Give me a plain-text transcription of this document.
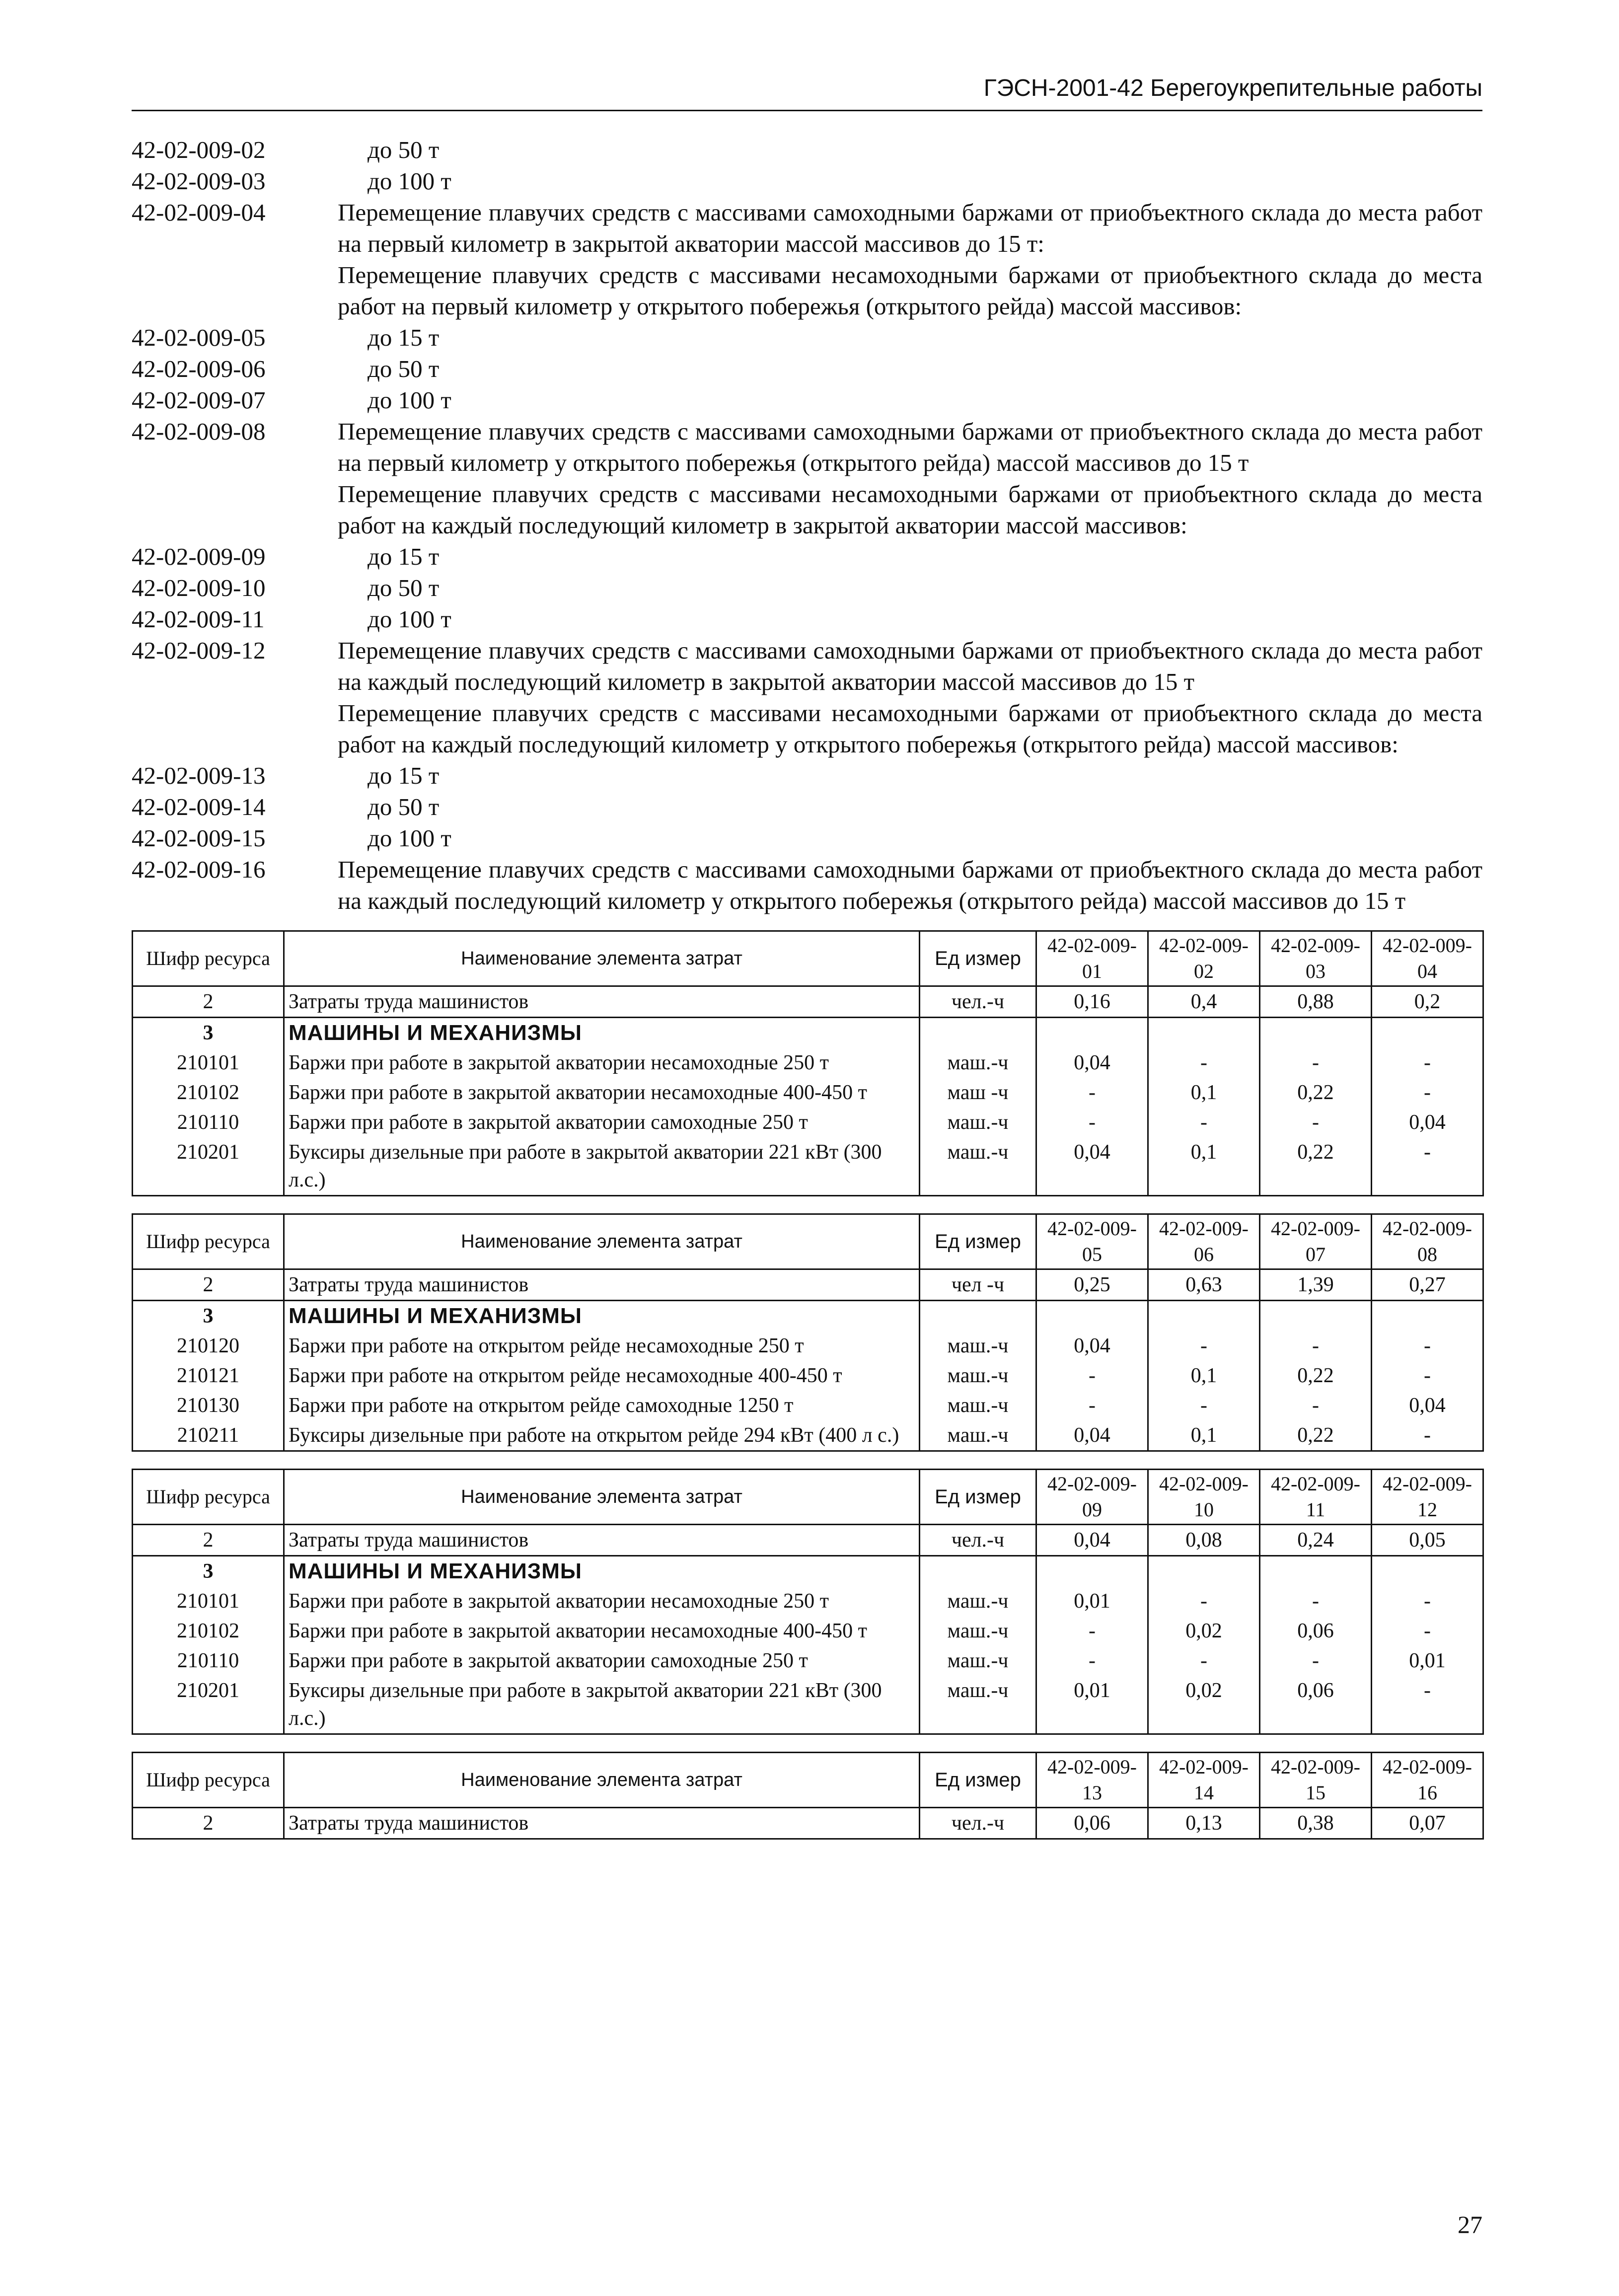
ГЭСН-2001-42 Берегоукрепительные работы
42-02-009-02	до 50 т
42-02-009-03	до 100 т
42-02-009-04	Перемещение плавучих средств с массивами самоходными баржами от приобъектного склада до места работ на первый километр в закрытой акватории массой массивов до 15 т:
Перемещение плавучих средств с массивами несамоходными баржами от приобъектного склада до места работ на первый километр у открытого побережья (открытого рейда) массой массивов:
42-02-009-05	до 15 т
42-02-009-06	до 50 т
42-02-009-07	до 100 т
42-02-009-08	Перемещение плавучих средств с массивами самоходными баржами от приобъектного склада до места работ на первый километр у открытого побережья (открытого рейда) массой массивов до 15 т
Перемещение плавучих средств с массивами несамоходными баржами от приобъектного склада до места работ на каждый последующий километр в закрытой акватории массой массивов:
42-02-009-09	до 15 т
42-02-009-10	до 50 т
42-02-009-11	до 100 т
42-02-009-12	Перемещение плавучих средств с массивами самоходными баржами от приобъектного склада до места работ на каждый последующий километр в закрытой акватории массой массивов до 15 т
Перемещение плавучих средств с массивами несамоходными баржами от приобъектного склада до места работ на каждый последующий километр у открытого побережья (открытого рейда) массой массивов:
42-02-009-13	до 15 т
42-02-009-14	до 50 т
42-02-009-15	до 100 т
42-02-009-16	Перемещение плавучих средств с массивами самоходными баржами от приобъектного склада до места работ на каждый последующий километр у открытого побережья (открытого рейда) массой массивов до 15 т
Шифр ресурса	Наименование элемента затрат	Ед измер	42-02-009-01	42-02-009-02	42-02-009-03	42-02-009-04
2	Затраты труда машинистов	чел.-ч	0,16	0,4	0,88	0,2
3	МАШИНЫ И МЕХАНИЗМЫ					
210101	Баржи при работе в закрытой акватории несамоходные 250 т	маш.-ч	0,04	-	-	-
210102	Баржи при работе в закрытой акватории несамоходные 400-450 т	маш -ч	-	0,1	0,22	-
210110	Баржи при работе в закрытой акватории самоходные 250 т	маш.-ч	-	-	-	0,04
210201	Буксиры дизельные при работе в закрытой акватории 221 кВт (300 л.с.)	маш.-ч	0,04	0,1	0,22	-
Шифр ресурса	Наименование элемента затрат	Ед измер	42-02-009-05	42-02-009-06	42-02-009-07	42-02-009-08
2	Затраты труда машинистов	чел -ч	0,25	0,63	1,39	0,27
3	МАШИНЫ И МЕХАНИЗМЫ					
210120	Баржи при работе на открытом рейде несамоходные 250 т	маш.-ч	0,04	-	-	-
210121	Баржи при работе на открытом рейде несамоходные 400-450 т	маш.-ч	-	0,1	0,22	-
210130	Баржи при работе на открытом рейде самоходные 1250 т	маш.-ч	-	-	-	0,04
210211	Буксиры дизельные при работе на открытом рейде 294 кВт (400 л с.)	маш.-ч	0,04	0,1	0,22	-
Шифр ресурса	Наименование элемента затрат	Ед измер	42-02-009-09	42-02-009-10	42-02-009-11	42-02-009-12
2	Затраты труда машинистов	чел.-ч	0,04	0,08	0,24	0,05
3	МАШИНЫ И МЕХАНИЗМЫ					
210101	Баржи при работе в закрытой акватории несамоходные 250 т	маш.-ч	0,01	-	-	-
210102	Баржи при работе в закрытой акватории несамоходные 400-450 т	маш.-ч	-	0,02	0,06	-
210110	Баржи при работе в закрытой акватории самоходные 250 т	маш.-ч	-	-	-	0,01
210201	Буксиры дизельные при работе в закрытой акватории 221 кВт (300 л.с.)	маш.-ч	0,01	0,02	0,06	-
Шифр ресурса	Наименование элемента затрат	Ед измер	42-02-009-13	42-02-009-14	42-02-009-15	42-02-009-16
2	Затраты труда машинистов	чел.-ч	0,06	0,13	0,38	0,07
27
